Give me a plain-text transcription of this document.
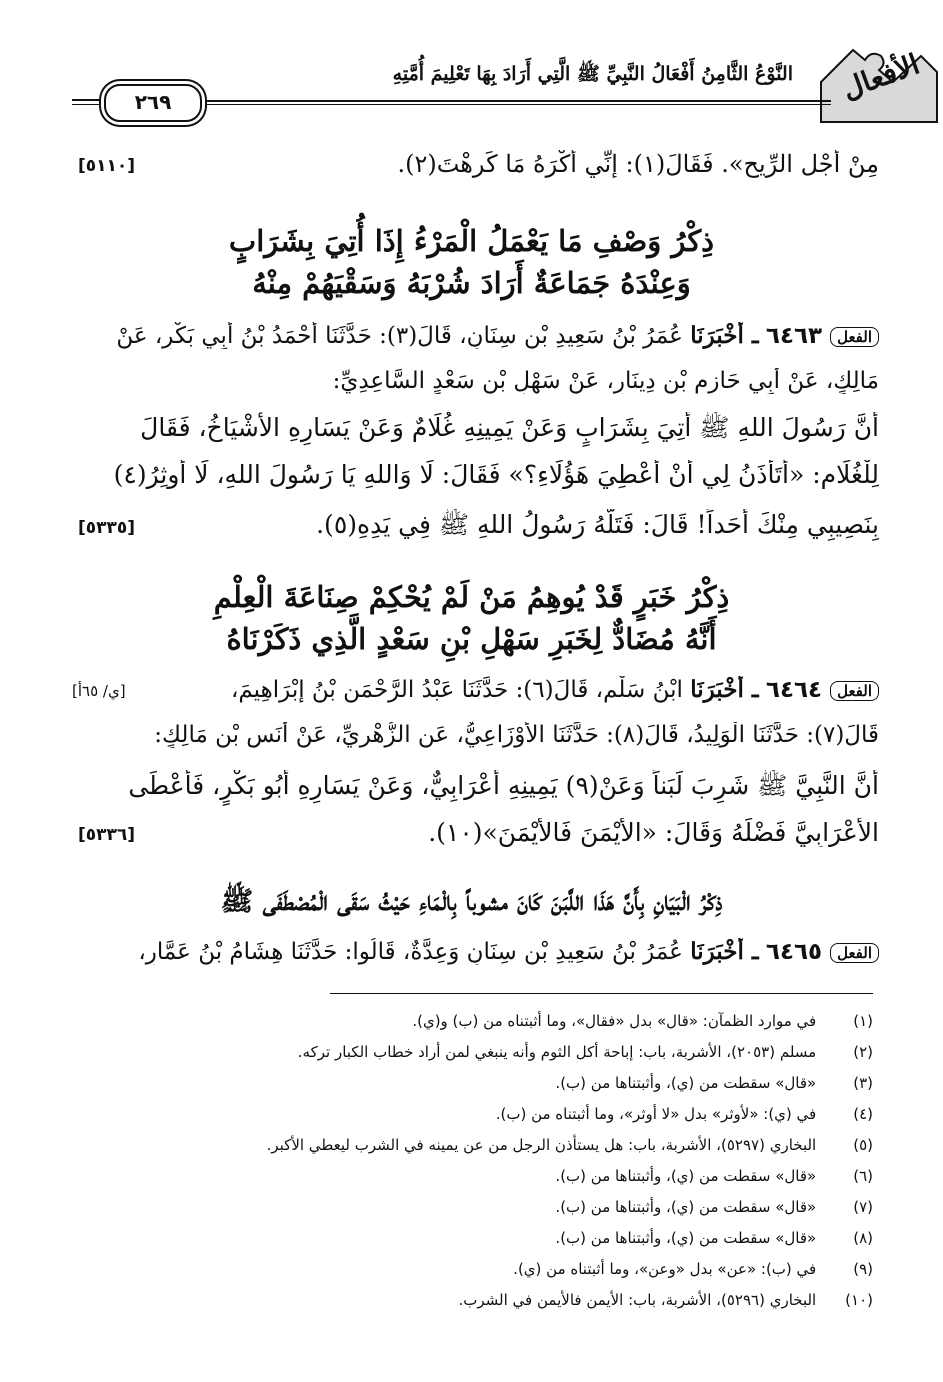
الأفعال
النَّوْعُ الثَّامِنُ أَفْعَالُ النَّبِيِّ ﷺ الَّتِي أَرَادَ بِهَا تَعْلِيمَ أُمَّتِهِ
٢٦٩
مِنْ أَجْلِ الرِّيحِ». فَقَالَ(١): إِنِّي أَكْرَهُ مَا كَرِهْتَ(٢).
[٥١١٠]
ذِكْرُ وَصْفِ مَا يَعْمَلُ الْمَرْءُ إِذَا أُتِيَ بِشَرَابٍ
وَعِنْدَهُ جَمَاعَةٌ أَرَادَ شُرْبَهُ وَسَقْيَهُمْ مِنْهُ
الفعل٦٤٦٣ ـ أَخْبَرَنَا عُمَرُ بْنُ سَعِيدِ بْنِ سِنَانٍ، قَالَ(٣): حَدَّثَنَا أَحْمَدُ بْنُ أَبِي بَكْرٍ، عَنْ
مَالِكٍ، عَنْ أَبِي حَازِمِ بْنِ دِينَارٍ، عَنْ سَهْلِ بْنِ سَعْدٍ السَّاعِدِيِّ:
أَنَّ رَسُولَ اللهِ ﷺ أُتِيَ بِشَرَابٍ وَعَنْ يَمِينِهِ غُلَامٌ وَعَنْ يَسَارِهِ الأَشْيَاخُ، فَقَالَ
لِلْغُلَامِ: «أَتَأْذَنُ لِي أَنْ أُعْطِيَ هَؤُلَاءِ؟» فَقَالَ: لَا وَاللهِ يَا رَسُولَ اللهِ، لَا أُوثِرُ(٤)
بِنَصِيبِي مِنْكَ أَحَداً! قَالَ: فَتَلَّهُ رَسُولُ اللهِ ﷺ فِي يَدِهِ(٥).
[٥٣٣٥]
ذِكْرُ خَبَرٍ قَدْ يُوهِمُ مَنْ لَمْ يُحْكِمْ صِنَاعَةَ الْعِلْمِ
أَنَّهُ مُضَادٌّ لِخَبَرِ سَهْلِ بْنِ سَعْدٍ الَّذِي ذَكَرْنَاهُ
الفعل٦٤٦٤ ـ أَخْبَرَنَا ابْنُ سَلْمٍ، قَالَ(٦): حَدَّثَنَا عَبْدُ الرَّحْمَنِ بْنُ إِبْرَاهِيمَ،
[ي/ ٦٥أ]
قَالَ(٧): حَدَّثَنَا الْوَلِيدُ، قَالَ(٨): حَدَّثَنَا الأَوْزَاعِيُّ، عَنِ الزُّهْرِيِّ، عَنْ أَنَسِ بْنِ مَالِكٍ:
أَنَّ النَّبِيَّ ﷺ شَرِبَ لَبَناً وَعَنْ(٩) يَمِينِهِ أَعْرَابِيٌّ، وَعَنْ يَسَارِهِ أَبُو بَكْرٍ، فَأَعْطَى
الأَعْرَابِيَّ فَضْلَهُ وَقَالَ: «الأَيْمَنَ فَالأَيْمَنَ»(١٠).
[٥٣٣٦]
ذِكْرُ الْبَيَانِ بِأَنَّ هَذَا اللَّبَنَ كَانَ مشوباً بِالْمَاءِ حَيْثُ سَقَى الْمُصْطَفَى ﷺ
الفعل٦٤٦٥ ـ أَخْبَرَنَا عُمَرُ بْنُ سَعِيدِ بْنِ سِنَانٍ وَعِدَّةٌ، قَالُوا: حَدَّثَنَا هِشَامُ بْنُ عَمَّارٍ،
(١) في موارد الظمآن: «قال» بدل «فقال»، وما أثبتناه من (ب) و(ي).
(٢) مسلم (٢٠٥٣)، الأشربة، باب: إباحة أكل الثوم وأنه ينبغي لمن أراد خطاب الكبار تركه.
(٣) «قال» سقطت من (ي)، وأثبتناها من (ب).
(٤) في (ي): «لأوثر» بدل «لا أوثر»، وما أثبتناه من (ب).
(٥) البخاري (٥٢٩٧)، الأشربة، باب: هل يستأذن الرجل من عن يمينه في الشرب ليعطي الأكبر.
(٦) «قال» سقطت من (ي)، وأثبتناها من (ب).
(٧) «قال» سقطت من (ي)، وأثبتناها من (ب).
(٨) «قال» سقطت من (ي)، وأثبتناها من (ب).
(٩) في (ب): «عن» بدل «وعن»، وما أثبتناه من (ي).
(١٠) البخاري (٥٢٩٦)، الأشربة، باب: الأيمن فالأيمن في الشرب.
